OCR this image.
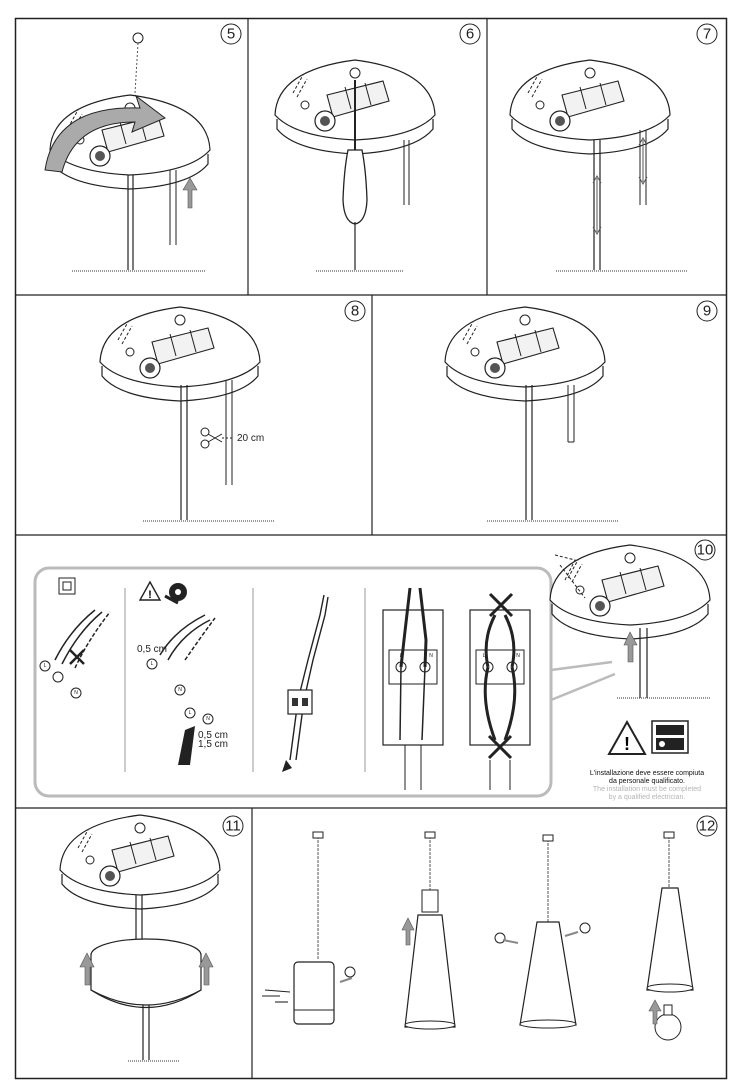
5	6	7
8
20 cm
9
10
L
N
!
0,5 cm
L
N
L
N
0,5 cm
1,5 cm
L	N	L	N
!
11	12
L'installazione deve essere compiuta
da personale qualificato.
The installation must be completed
by a qualified electrician.
